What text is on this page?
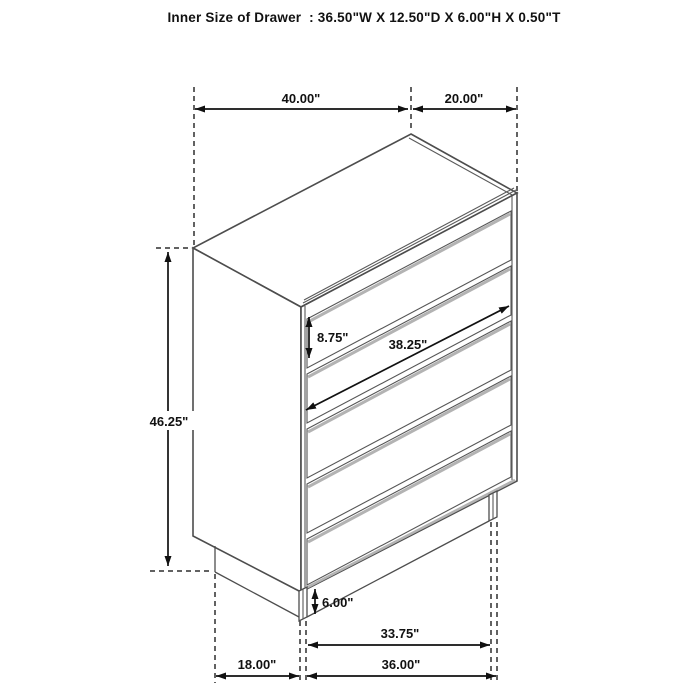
Inner Size of Drawer  : 36.50"W X 12.50"D X 6.00"H X 0.50"T
40.00"	20.00"
46.25"
8.75"	38.25"
6.00"
33.75"
18.00"	36.00"
